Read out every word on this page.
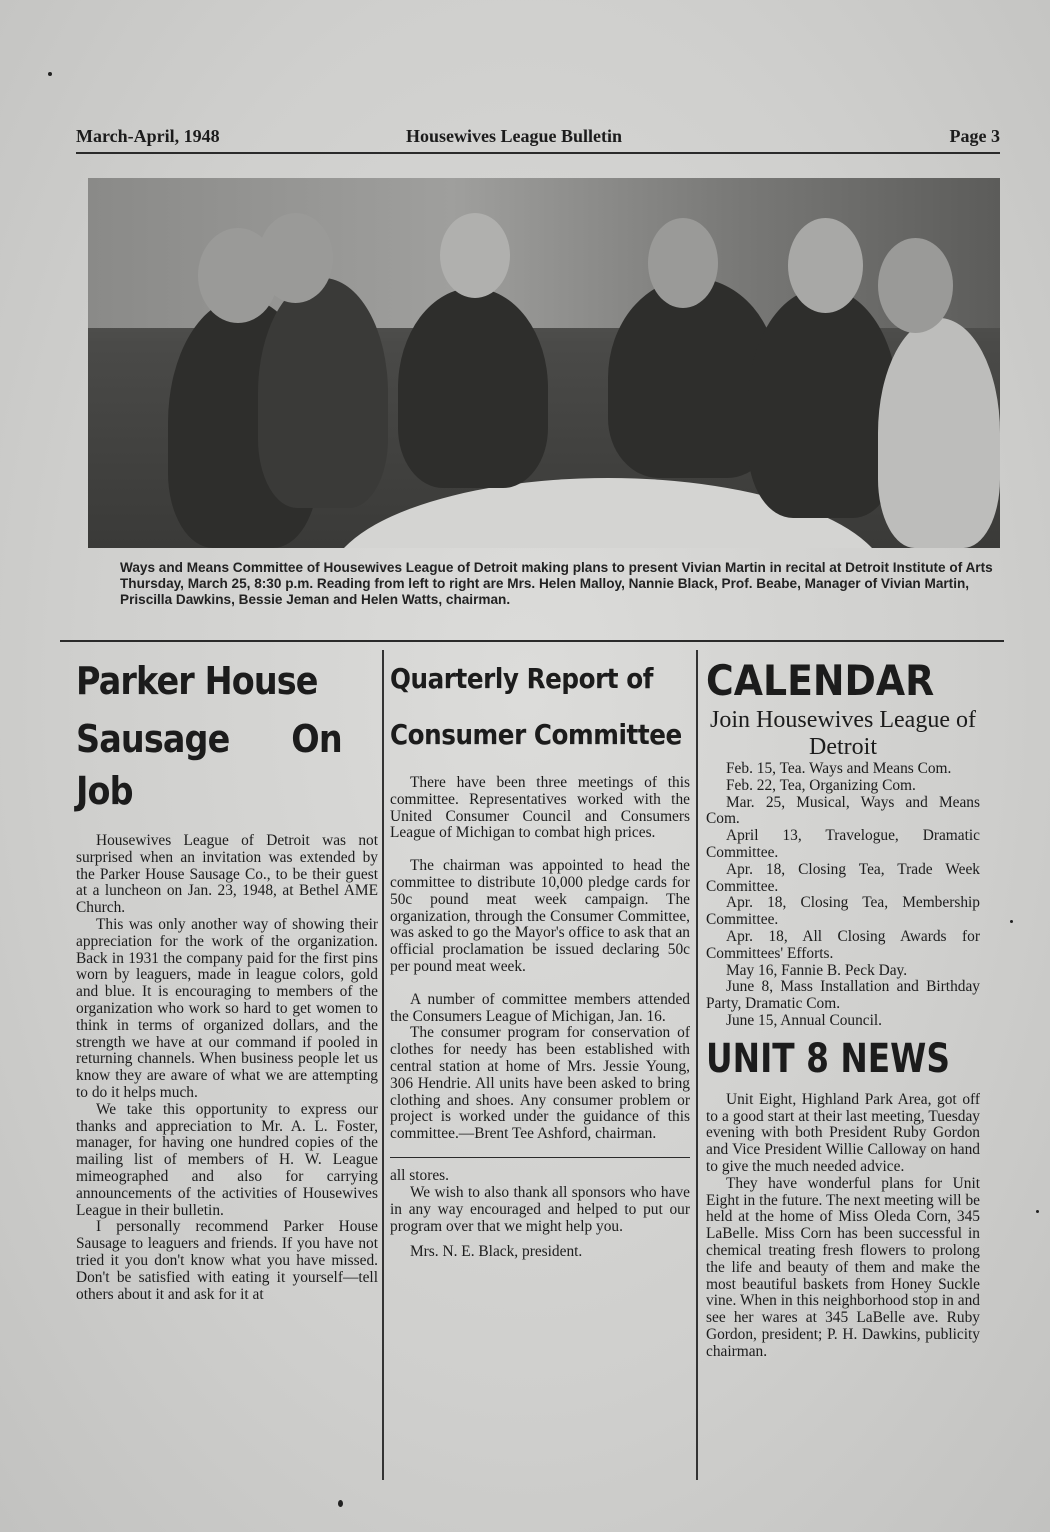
March-April, 1948	Housewives League Bulletin	Page 3
Ways and Means Committee of Housewives League of Detroit making plans to present Vivian Martin in recital at Detroit Institute of Arts Thursday, March 25, 8:30 p.m. Reading from left to right are Mrs. Helen Malloy, Nannie Black, Prof. Beabe, Manager of Vivian Martin, Priscilla Dawkins, Bessie Jeman and Helen Watts, chairman.
Parker House
Sausage On Job

Housewives League of Detroit was not surprised when an invitation was extended by the Parker House Sausage Co., to be their guest at a luncheon on Jan. 23, 1948, at Bethel AME Church.

This was only another way of showing their appreciation for the work of the organization. Back in 1931 the company paid for the first pins worn by leaguers, made in league colors, gold and blue. It is encouraging to members of the organization who work so hard to get women to think in terms of organized dollars, and the strength we have at our command if pooled in returning channels. When business people let us know they are aware of what we are attempting to do it helps much.

We take this opportunity to express our thanks and appreciation to Mr. A. L. Foster, manager, for having one hundred copies of the mailing list of members of H. W. League mimeographed and also for carrying announcements of the activities of Housewives League in their bulletin.

I personally recommend Parker House Sausage to leaguers and friends. If you have not tried it you don't know what you have missed. Don't be satisfied with eating it yourself—tell others about it and ask for it at

Quarterly Report of
Consumer Committee

There have been three meetings of this committee. Representatives worked with the United Consumer Council and Consumers League of Michigan to combat high prices.

The chairman was appointed to head the committee to distribute 10,000 pledge cards for 50c pound meat week campaign. The organization, through the Consumer Committee, was asked to go the Mayor's office to ask that an official proclamation be issued declaring 50c per pound meat week.

A number of committee members attended the Consumers League of Michigan, Jan. 16.

The consumer program for conservation of clothes for needy has been established with central station at home of Mrs. Jessie Young, 306 Hendrie. All units have been asked to bring clothing and shoes. Any consumer problem or project is worked under the guidance of this committee.—Brent Tee Ashford, chairman.

all stores.

We wish to also thank all sponsors who have in any way encouraged and helped to put our program over that we might help you.

Mrs. N. E. Black, president.

CALENDAR

Join Housewives League of Detroit

Feb. 15, Tea. Ways and Means Com.

Feb. 22, Tea, Organizing Com.

Mar. 25, Musical, Ways and Means Com.

April 13, Travelogue, Dramatic Committee.

Apr. 18, Closing Tea, Trade Week Committee.

Apr. 18, Closing Tea, Membership Committee.

Apr. 18, All Closing Awards for Committees' Efforts.

May 16, Fannie B. Peck Day.

June 8, Mass Installation and Birthday Party, Dramatic Com.

June 15, Annual Council.

UNIT 8 NEWS

Unit Eight, Highland Park Area, got off to a good start at their last meeting, Tuesday evening with both President Ruby Gordon and Vice President Willie Calloway on hand to give the much needed advice.

They have wonderful plans for Unit Eight in the future. The next meeting will be held at the home of Miss Oleda Corn, 345 LaBelle. Miss Corn has been successful in chemical treating fresh flowers to prolong the life and beauty of them and make the most beautiful baskets from Honey Suckle vine. When in this neighborhood stop in and see her wares at 345 LaBelle ave. Ruby Gordon, president; P. H. Dawkins, publicity chairman.
